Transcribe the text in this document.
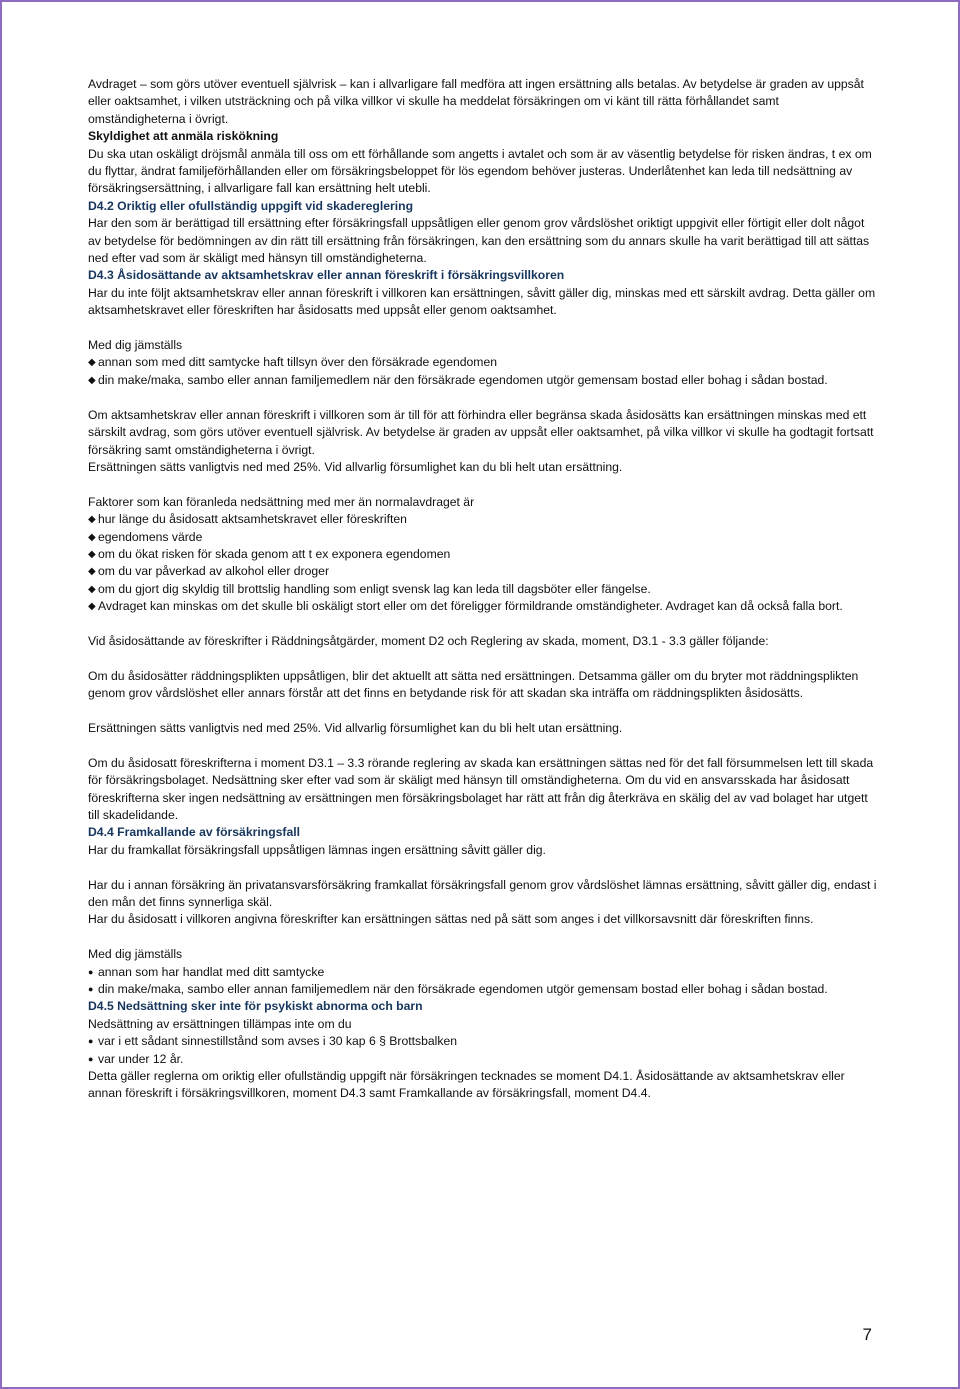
Avdraget – som görs utöver eventuell självrisk – kan i allvarligare fall medföra att ingen ersättning alls betalas. Av betydelse är graden av uppsåt eller oaktsamhet, i vilken utsträckning och på vilka villkor vi skulle ha meddelat försäkringen om vi känt till rätta förhållandet samt omständigheterna i övrigt.

Skyldighet att anmäla riskökning

Du ska utan oskäligt dröjsmål anmäla till oss om ett förhållande som angetts i avtalet och som är av väsentlig betydelse för risken ändras, t ex om du flyttar, ändrat familjeförhållanden eller om försäkringsbeloppet för lös egendom behöver justeras. Underlåtenhet kan leda till nedsättning av försäkringsersättning, i allvarligare fall kan ersättning helt utebli.

D4.2 Oriktig eller ofullständig uppgift vid skadereglering

Har den som är berättigad till ersättning efter försäkringsfall uppsåtligen eller genom grov vårdslöshet oriktigt uppgivit eller förtigit eller dolt något av betydelse för bedömningen av din rätt till ersättning från försäkringen, kan den ersättning som du annars skulle ha varit berättigad till att sättas ned efter vad som är skäligt med hänsyn till omständigheterna.

D4.3 Åsidosättande av aktsamhetskrav eller annan föreskrift i försäkringsvillkoren

Har du inte följt aktsamhetskrav eller annan föreskrift i villkoren kan ersättningen, såvitt gäller dig, minskas med ett särskilt avdrag. Detta gäller om aktsamhetskravet eller föreskriften har åsidosatts med uppsåt eller genom oaktsamhet.

Med dig jämställs

◆ annan som med ditt samtycke haft tillsyn över den försäkrade egendomen
◆ din make/maka, sambo eller annan familjemedlem när den försäkrade egendomen utgör gemensam bostad eller bohag i sådan bostad.

Om aktsamhetskrav eller annan föreskrift i villkoren som är till för att förhindra eller begränsa skada åsidosätts kan ersättningen minskas med ett särskilt avdrag, som görs utöver eventuell självrisk. Av betydelse är graden av uppsåt eller oaktsamhet, på vilka villkor vi skulle ha godtagit fortsatt försäkring samt omständigheterna i övrigt.

Ersättningen sätts vanligtvis ned med 25%. Vid allvarlig försumlighet kan du bli helt utan ersättning.

Faktorer som kan föranleda nedsättning med mer än normalavdraget är

◆ hur länge du åsidosatt aktsamhetskravet eller föreskriften
◆ egendomens värde
◆ om du ökat risken för skada genom att t ex exponera egendomen
◆ om du var påverkad av alkohol eller droger
◆ om du gjort dig skyldig till brottslig handling som enligt svensk lag kan leda till dagsböter eller fängelse.
◆ Avdraget kan minskas om det skulle bli oskäligt stort eller om det föreligger förmildrande omständigheter. Avdraget kan då också falla bort.

Vid åsidosättande av föreskrifter i Räddningsåtgärder, moment D2 och Reglering av skada, moment, D3.1 - 3.3 gäller följande:

Om du åsidosätter räddningsplikten uppsåtligen, blir det aktuellt att sätta ned ersättningen. Detsamma gäller om du bryter mot räddningsplikten genom grov vårdslöshet eller annars förstår att det finns en betydande risk för att skadan ska inträffa om räddningsplikten åsidosätts.

Ersättningen sätts vanligtvis ned med 25%. Vid allvarlig försumlighet kan du bli helt utan ersättning.

Om du åsidosatt föreskrifterna i moment D3.1 – 3.3 rörande reglering av skada kan ersättningen sättas ned för det fall försummelsen lett till skada för försäkringsbolaget. Nedsättning sker efter vad som är skäligt med hänsyn till omständigheterna. Om du vid en ansvarsskada har åsidosatt föreskrifterna sker ingen nedsättning av ersättningen men försäkringsbolaget har rätt att från dig återkräva en skälig del av vad bolaget har utgett till skadelidande.

D4.4 Framkallande av försäkringsfall

Har du framkallat försäkringsfall uppsåtligen lämnas ingen ersättning såvitt gäller dig.

Har du i annan försäkring än privatansvarsförsäkring framkallat försäkringsfall genom grov vårdslöshet lämnas ersättning, såvitt gäller dig, endast i den mån det finns synnerliga skäl.

Har du åsidosatt i villkoren angivna föreskrifter kan ersättningen sättas ned på sätt som anges i det villkorsavsnitt där föreskriften finns.

Med dig jämställs

● annan som har handlat med ditt samtycke
● din make/maka, sambo eller annan familjemedlem när den försäkrade egendomen utgör gemensam bostad eller bohag i sådan bostad.

D4.5 Nedsättning sker inte för psykiskt abnorma och barn

Nedsättning av ersättningen tillämpas inte om du

● var i ett sådant sinnestillstånd som avses i 30 kap 6 § Brottsbalken
● var under 12 år.

Detta gäller reglerna om oriktig eller ofullständig uppgift när försäkringen tecknades se moment D4.1. Åsidosättande av aktsamhetskrav eller annan föreskrift i försäkringsvillkoren, moment D4.3 samt Framkallande av försäkringsfall, moment D4.4.

7
